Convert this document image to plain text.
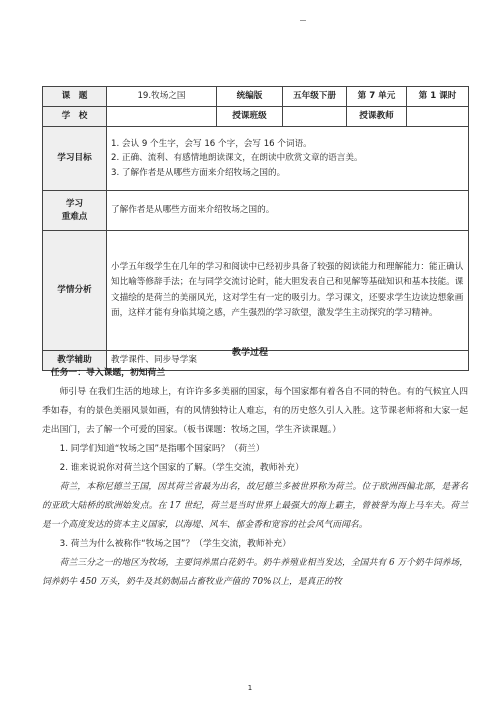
课　题	19.牧场之国	统编版	五年级下册	第 7 单元	第 1 课时
学　校		授课班级		授课教师	
学习目标	1. 会认 9 个生字，会写 16 个字，会写 16 个词语。
2. 正确、流利、有感情地朗读课文，在朗读中欣赏文章的语言美。
3. 了解作者是从哪些方面来介绍牧场之国的。				

学习
重难点	了解作者是从哪些方面来介绍牧场之国的。				
学情分析	小学五年级学生在几年的学习和阅读中已经初步具备了较强的阅读能力和理解能力：能正确认知比喻等修辞手法；在与同学交流讨论时，能大胆发表自己和见解等基础知识和基本技能。课文描绘的是荷兰的美丽风光，这对学生有一定的吸引力。学习课文，还要求学生边读边想象画面，这样才能有身临其境之感，产生强烈的学习欲望，激发学生主动探究的学习精神。				
教学辅助	教学课件、同步导学案				
教学过程

任务一：导入课题，初知荷兰

师引导 在我们生活的地球上，有许许多多美丽的国家，每个国家都有着各自不同的特色。有的气候宜人四季如春，有的景色美丽风景如画，有的风情独特让人难忘，有的历史悠久引人入胜。这节课老师将和大家一起走出国门，去了解一个可爱的国家。（板书课题：牧场之国，学生齐读课题。）

1. 同学们知道“牧场之国”是指哪个国家吗？（荷兰）

2. 谁来说说你对荷兰这个国家的了解。（学生交流，教师补充）

荷兰，本称尼德兰王国，因其荷兰省最为出名，故尼德兰多被世界称为荷兰。位于欧洲西偏北部，是著名的亚欧大陆桥的欧洲始发点。在 17 世纪，荷兰是当时世界上最强大的海上霸主，曾被誉为海上马车夫。荷兰是一个高度发达的资本主义国家，以海堤、风车、郁金香和宽容的社会风气而闻名。

3. 荷兰为什么被称作“牧场之国”？（学生交流，教师补充）

荷兰三分之一的地区为牧场，主要饲养黑白花奶牛。奶牛养殖业相当发达，全国共有 6 万个奶牛饲养场，饲养奶牛 450 万头，奶牛及其奶制品占畜牧业产值的 70%以上，是真正的牧

1
